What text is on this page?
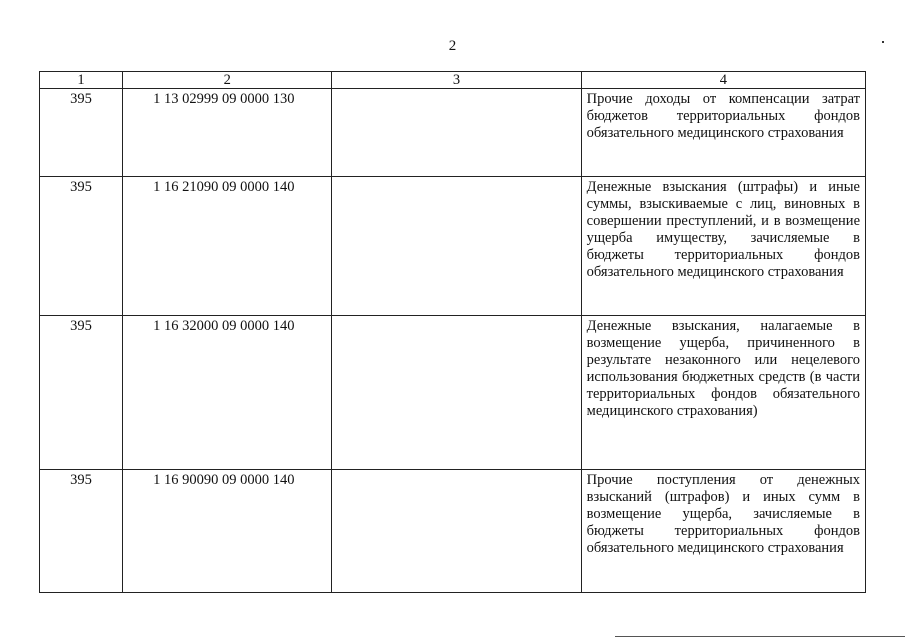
2
1	2	3	4
395	1 13 02999 09 0000 130		Прочие доходы от компенсации затрат бюджетов территориальных фондов обязательного медицинского страхования
395	1 16 21090 09 0000 140		Денежные взыскания (штрафы) и иные суммы, взыскиваемые с лиц, виновных в совершении преступлений, и в возмещение ущерба имуществу, зачисляемые в бюджеты территориальных фондов обязательного медицинского страхования
395	1 16 32000 09 0000 140		Денежные взыскания, налагаемые в возмещение ущерба, причиненного в результате незаконного или нецелевого использования бюджетных средств (в части территориальных фондов обязательного медицинского страхования)
395	1 16 90090 09 0000 140		Прочие поступления от денежных взысканий (штрафов) и иных сумм в возмещение ущерба, зачисляемые в бюджеты территориальных фондов обязательного медицинского страхования
